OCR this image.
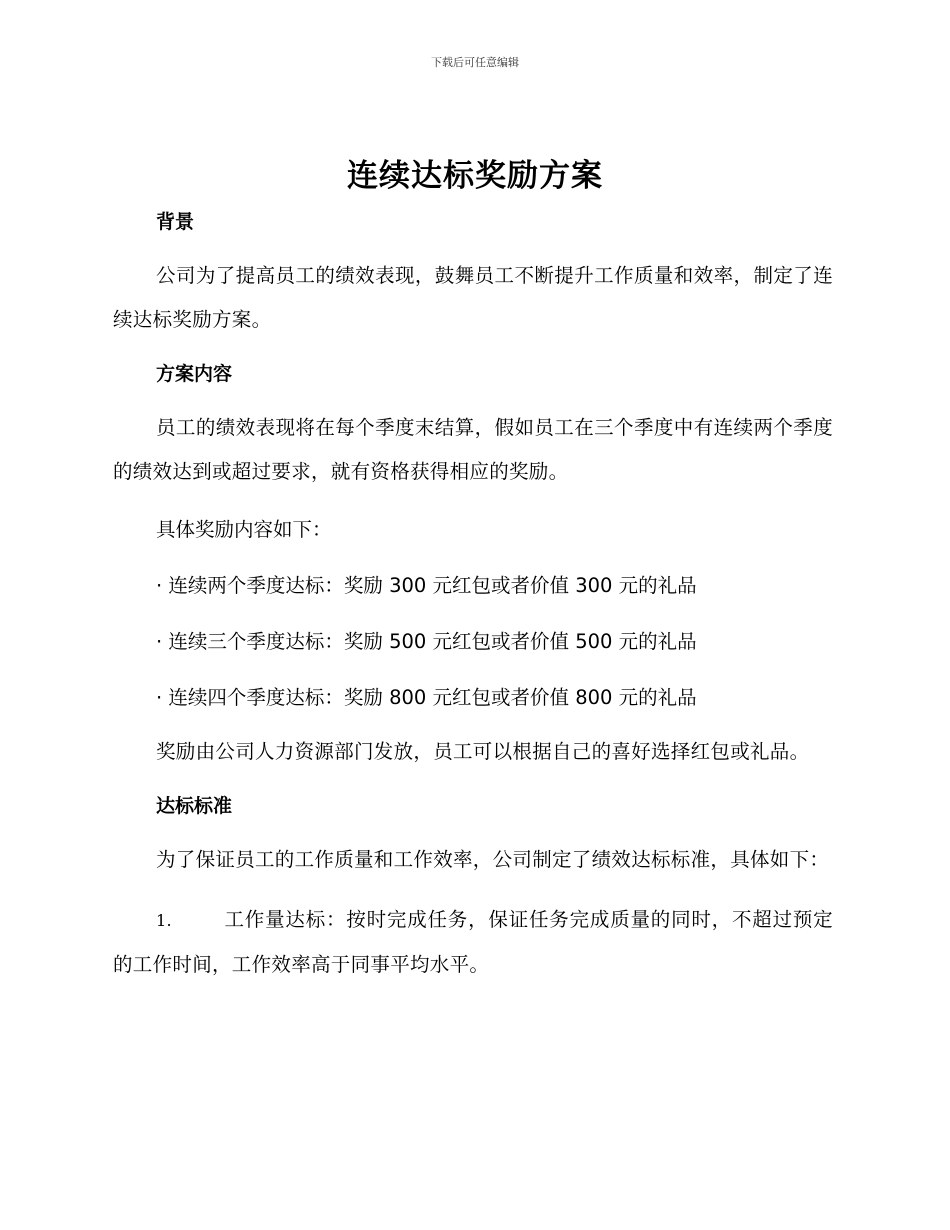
下载后可任意编辑
连续达标奖励方案

背景

公司为了提高员工的绩效表现，鼓舞员工不断提升工作质量和效率，制定了连续达标奖励方案。

方案内容

员工的绩效表现将在每个季度末结算，假如员工在三个季度中有连续两个季度的绩效达到或超过要求，就有资格获得相应的奖励。

具体奖励内容如下：

· 连续两个季度达标：奖励 300 元红包或者价值 300 元的礼品

· 连续三个季度达标：奖励 500 元红包或者价值 500 元的礼品

· 连续四个季度达标：奖励 800 元红包或者价值 800 元的礼品

奖励由公司人力资源部门发放，员工可以根据自己的喜好选择红包或礼品。

达标标准

为了保证员工的工作质量和工作效率，公司制定了绩效达标标准，具体如下：

1.	工作量达标：按时完成任务，保证任务完成质量的同时，不超过预定的工作时间，工作效率高于同事平均水平。
